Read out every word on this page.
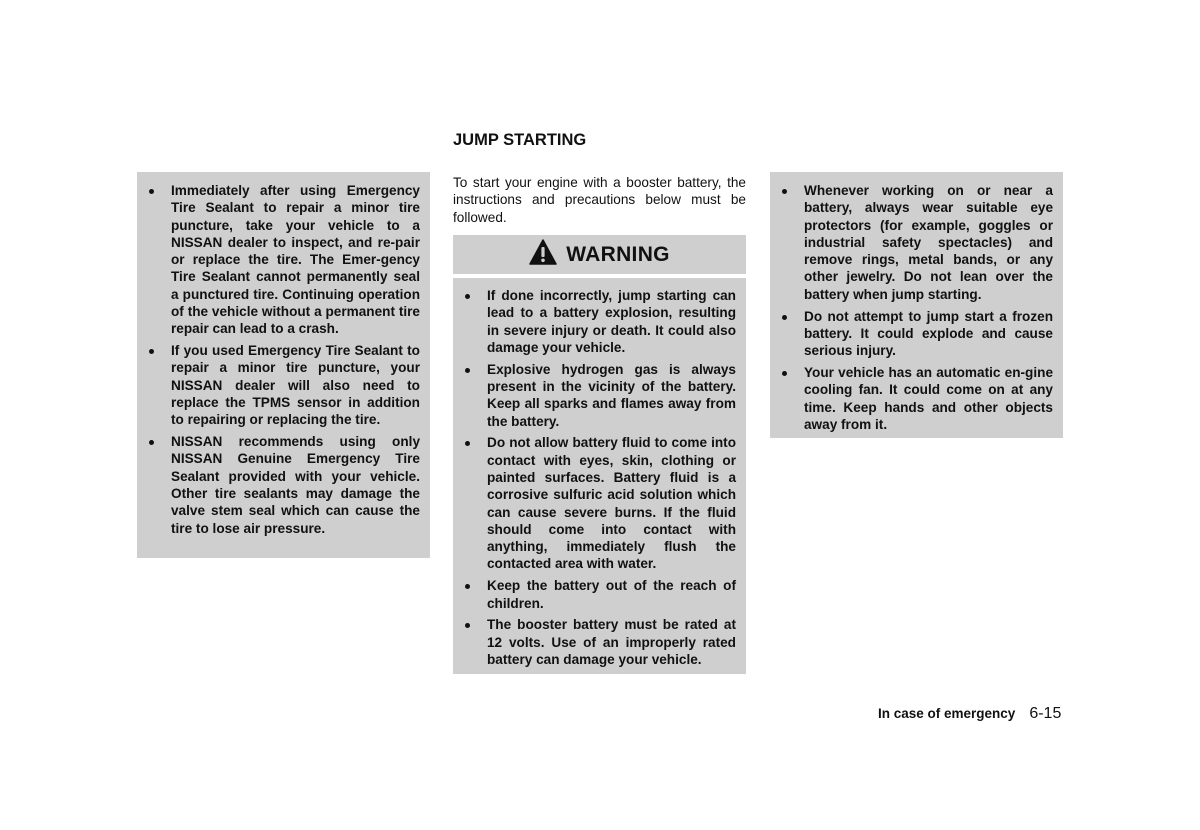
Immediately after using Emergency Tire Sealant to repair a minor tire puncture, take your vehicle to a NISSAN dealer to inspect, and re-pair or replace the tire. The Emer-gency Tire Sealant cannot permanently seal a punctured tire. Continuing operation of the vehicle without a permanent tire repair can lead to a crash.
If you used Emergency Tire Sealant to repair a minor tire puncture, your NISSAN dealer will also need to replace the TPMS sensor in addition to repairing or replacing the tire.
NISSAN recommends using only NISSAN Genuine Emergency Tire Sealant provided with your vehicle. Other tire sealants may damage the valve stem seal which can cause the tire to lose air pressure.
JUMP STARTING

To start your engine with a booster battery, the instructions and precautions below must be followed.

WARNING
If done incorrectly, jump starting can lead to a battery explosion, resulting in severe injury or death. It could also damage your vehicle.
Explosive hydrogen gas is always present in the vicinity of the battery. Keep all sparks and flames away from the battery.
Do not allow battery fluid to come into contact with eyes, skin, clothing or painted surfaces. Battery fluid is a corrosive sulfuric acid solution which can cause severe burns. If the fluid should come into contact with anything, immediately flush the contacted area with water.
Keep the battery out of the reach of children.
The booster battery must be rated at 12 volts. Use of an improperly rated battery can damage your vehicle.
Whenever working on or near a battery, always wear suitable eye protectors (for example, goggles or industrial safety spectacles) and remove rings, metal bands, or any other jewelry. Do not lean over the battery when jump starting.
Do not attempt to jump start a frozen battery. It could explode and cause serious injury.
Your vehicle has an automatic en-gine cooling fan. It could come on at any time. Keep hands and other objects away from it.
In case of emergency 6-15
